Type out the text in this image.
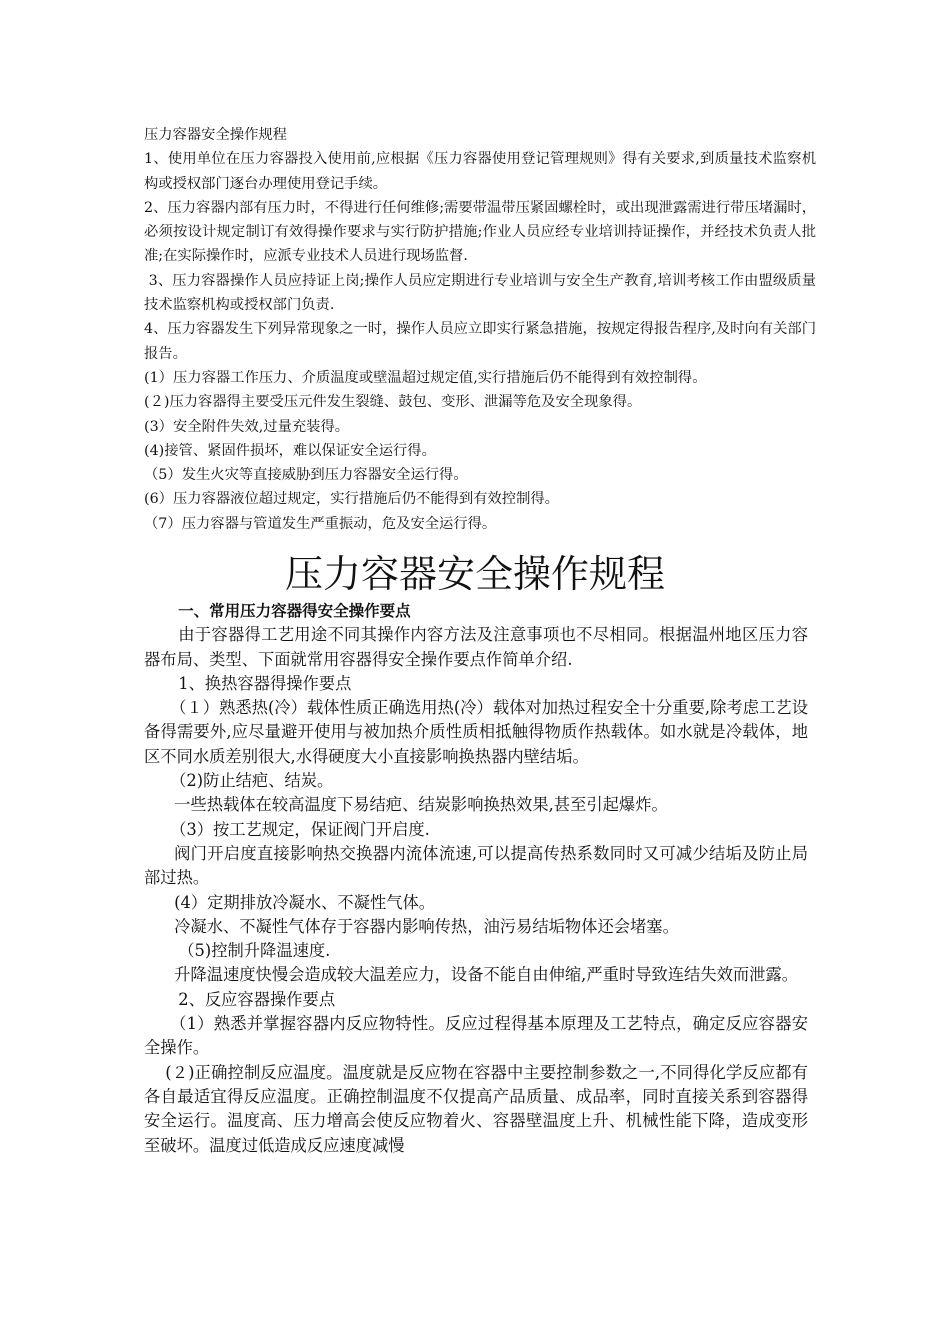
压力容器安全操作规程

1、使用单位在压力容器投入使用前,应根据《压力容器使用登记管理规则》得有关要求,到质量技术监察机构或授权部门逐台办理使用登记手续。

2、压力容器内部有压力时，不得进行任何维修;需要带温带压紧固螺栓时，或出现泄露需进行带压堵漏时，必须按设计规定制订有效得操作要求与实行防护措施;作业人员应经专业培训持证操作，并经技术负责人批准;在实际操作时，应派专业技术人员进行现场监督.

3、压力容器操作人员应持证上岗;操作人员应定期进行专业培训与安全生产教育,培训考核工作由盟级质量技术监察机构或授权部门负责.

4、压力容器发生下列异常现象之一时，操作人员应立即实行紧急措施，按规定得报告程序,及时向有关部门报告。

(1）压力容器工作压力、介质温度或壁温超过规定值,实行措施后仍不能得到有效控制得。

(２)压力容器得主要受压元件发生裂缝、鼓包、变形、泄漏等危及安全现象得。

(3）安全附件失效,过量充装得。

(4)接管、紧固件损坏，难以保证安全运行得。

（5）发生火灾等直接威胁到压力容器安全运行得。

(6）压力容器液位超过规定，实行措施后仍不能得到有效控制得。

（7）压力容器与管道发生严重振动，危及安全运行得。

压力容器安全操作规程

一、常用压力容器得安全操作要点

由于容器得工艺用途不同其操作内容方法及注意事项也不尽相同。根据温州地区压力容器布局、类型、下面就常用容器得安全操作要点作简单介绍.

1、换热容器得操作要点

（１）熟悉热(冷）载体性质正确选用热(冷）载体对加热过程安全十分重要,除考虑工艺设备得需要外,应尽量避开使用与被加热介质性质相抵触得物质作热载体。如水就是冷载体，地区不同水质差别很大,水得硬度大小直接影响换热器内壁结垢。

（2)防止结疤、结炭。

一些热载体在较高温度下易结疤、结炭影响换热效果,甚至引起爆炸。

（3）按工艺规定，保证阀门开启度.

阀门开启度直接影响热交换器内流体流速,可以提高传热系数同时又可减少结垢及防止局部过热。

(4）定期排放冷凝水、不凝性气体。

冷凝水、不凝性气体存于容器内影响传热，油污易结垢物体还会堵塞。

（5)控制升降温速度.

升降温速度快慢会造成较大温差应力，设备不能自由伸缩,严重时导致连结失效而泄露。

2、反应容器操作要点

（1）熟悉并掌握容器内反应物特性。反应过程得基本原理及工艺特点，确定反应容器安全操作。

(２)正确控制反应温度。温度就是反应物在容器中主要控制参数之一,不同得化学反应都有各自最适宜得反应温度。正确控制温度不仅提高产品质量、成品率，同时直接关系到容器得安全运行。温度高、压力增高会使反应物着火、容器壁温度上升、机械性能下降，造成变形至破坏。温度过低造成反应速度减慢
